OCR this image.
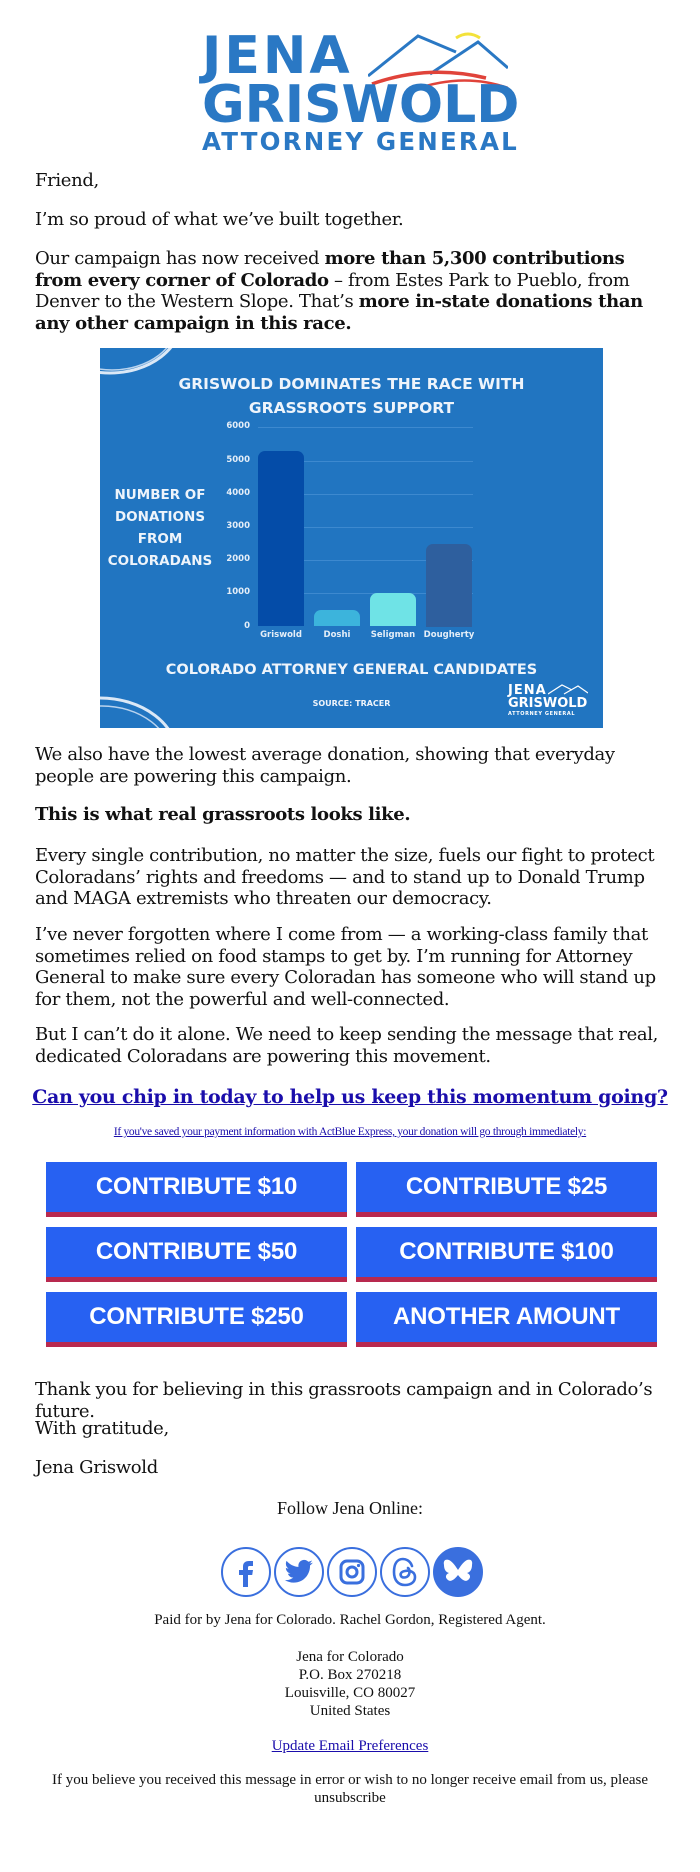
JENA
GRISWOLD
ATTORNEY GENERAL
Friend,
I’m so proud of what we’ve built together.
Our campaign has now received more than 5,300 contributions from every corner of Colorado – from Estes Park to Pueblo, from Denver to the Western Slope. That’s more in-state donations than any other campaign in this race.
GRISWOLD DOMINATES THE RACE WITH
GRASSROOTS SUPPORT
NUMBER OF
DONATIONS
FROM
COLORADANS
COLORADO ATTORNEY GENERAL CANDIDATES
SOURCE: TRACER
JENA
GRISWOLD
ATTORNEY GENERAL
0
1000
2000
3000
4000
5000
6000
Griswold	Doshi	Seligman Dougherty
We also have the lowest average donation, showing that everyday people are powering this campaign.
This is what real grassroots looks like.
Every single contribution, no matter the size, fuels our fight to protect Coloradans’ rights and freedoms — and to stand up to Donald Trump and MAGA extremists who threaten our democracy.
I’ve never forgotten where I come from — a working-class family that sometimes relied on food stamps to get by. I’m running for Attorney General to make sure every Coloradan has someone who will stand up for them, not the powerful and well-connected.
But I can’t do it alone. We need to keep sending the message that real, dedicated Coloradans are powering this movement.
Can you chip in today to help us keep this momentum going?
If you've saved your payment information with ActBlue Express, your donation will go through immediately:
CONTRIBUTE $10	CONTRIBUTE $25
CONTRIBUTE $50	CONTRIBUTE $100
CONTRIBUTE $250	ANOTHER AMOUNT
Thank you for believing in this grassroots campaign and in Colorado’s future.
With gratitude,
Jena Griswold
Follow Jena Online:
Paid for by Jena for Colorado. Rachel Gordon, Registered Agent.
Jena for Colorado
P.O. Box 270218
Louisville, CO 80027
United States
Update Email Preferences
If you believe you received this message in error or wish to no longer receive email from us, please unsubscribe
